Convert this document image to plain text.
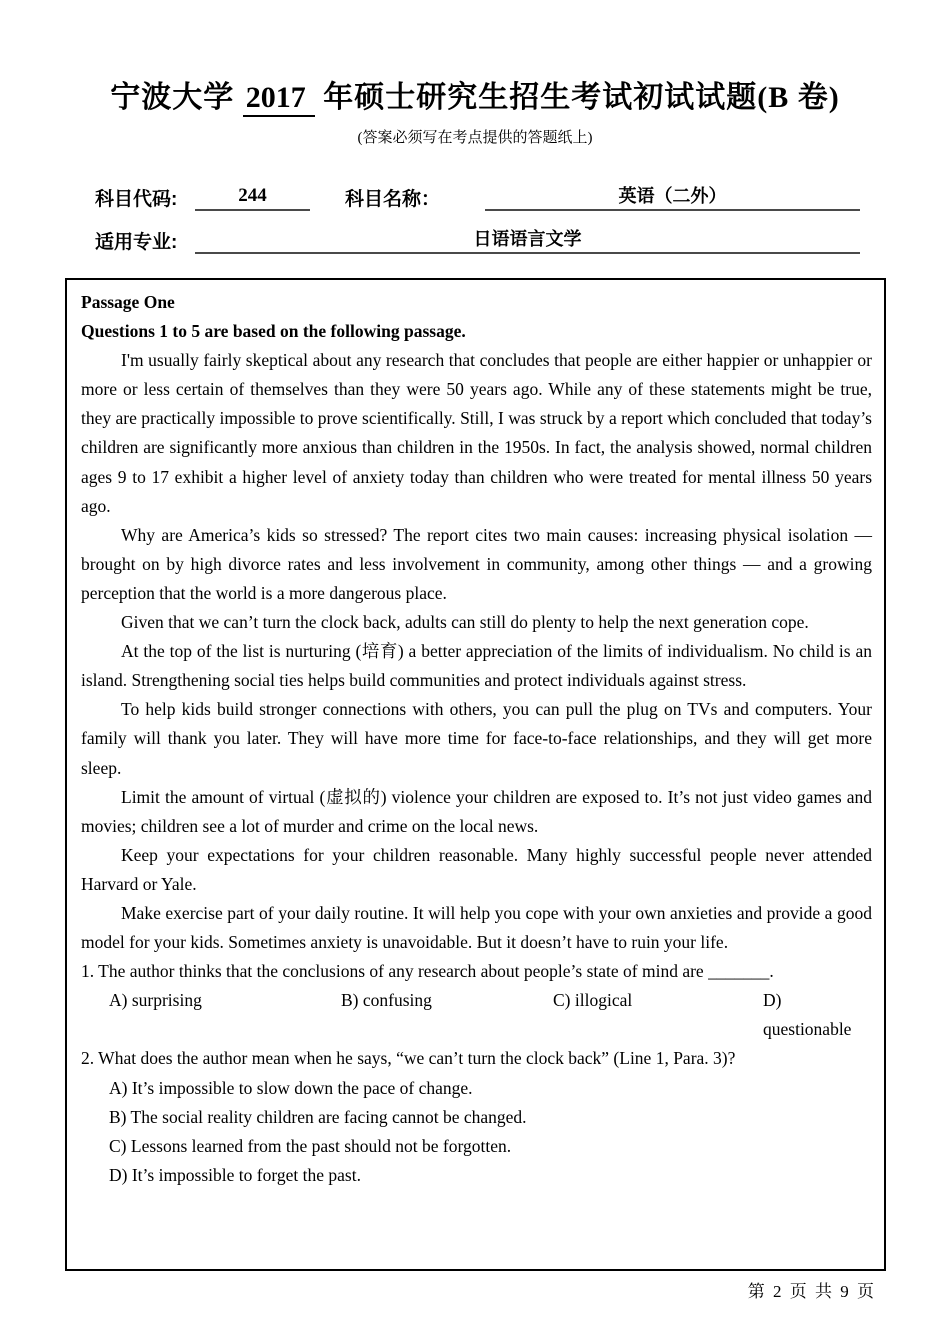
宁波大学 2017 年硕士研究生招生考试初试试题(B 卷)
(答案必须写在考点提供的答题纸上)
科目代码:	244	科目名称：	英语（二外）
适用专业:	日语语言文学
Passage One
Questions 1 to 5 are based on the following passage.

I'm usually fairly skeptical about any research that concludes that people are either happier or unhappier or more or less certain of themselves than they were 50 years ago. While any of these statements might be true, they are practically impossible to prove scientifically. Still, I was struck by a report which concluded that today’s children are significantly more anxious than children in the 1950s. In fact, the analysis showed, normal children ages 9 to 17 exhibit a higher level of anxiety today than children who were treated for mental illness 50 years ago.

Why are America’s kids so stressed? The report cites two main causes: increasing physical isolation — brought on by high divorce rates and less involvement in community, among other things — and a growing perception that the world is a more dangerous place.

Given that we can’t turn the clock back, adults can still do plenty to help the next generation cope.

At the top of the list is nurturing (培育) a better appreciation of the limits of individualism. No child is an island. Strengthening social ties helps build communities and protect individuals against stress.

To help kids build stronger connections with others, you can pull the plug on TVs and computers. Your family will thank you later. They will have more time for face-to-face relationships, and they will get more sleep.

Limit the amount of virtual (虚拟的) violence your children are exposed to. It’s not just video games and movies; children see a lot of murder and crime on the local news.

Keep your expectations for your children reasonable. Many highly successful people never attended Harvard or Yale.

Make exercise part of your daily routine. It will help you cope with your own anxieties and provide a good model for your kids. Sometimes anxiety is unavoidable. But it doesn’t have to ruin your life.

1. The author thinks that the conclusions of any research about people’s state of mind are _______.
A) surprising	B) confusing	C) illogical	D) questionable
2. What does the author mean when he says, “we can’t turn the clock back” (Line 1, Para. 3)?
A) It’s impossible to slow down the pace of change.
B) The social reality children are facing cannot be changed.
C) Lessons learned from the past should not be forgotten.
D) It’s impossible to forget the past.
第 2 页 共 9 页
